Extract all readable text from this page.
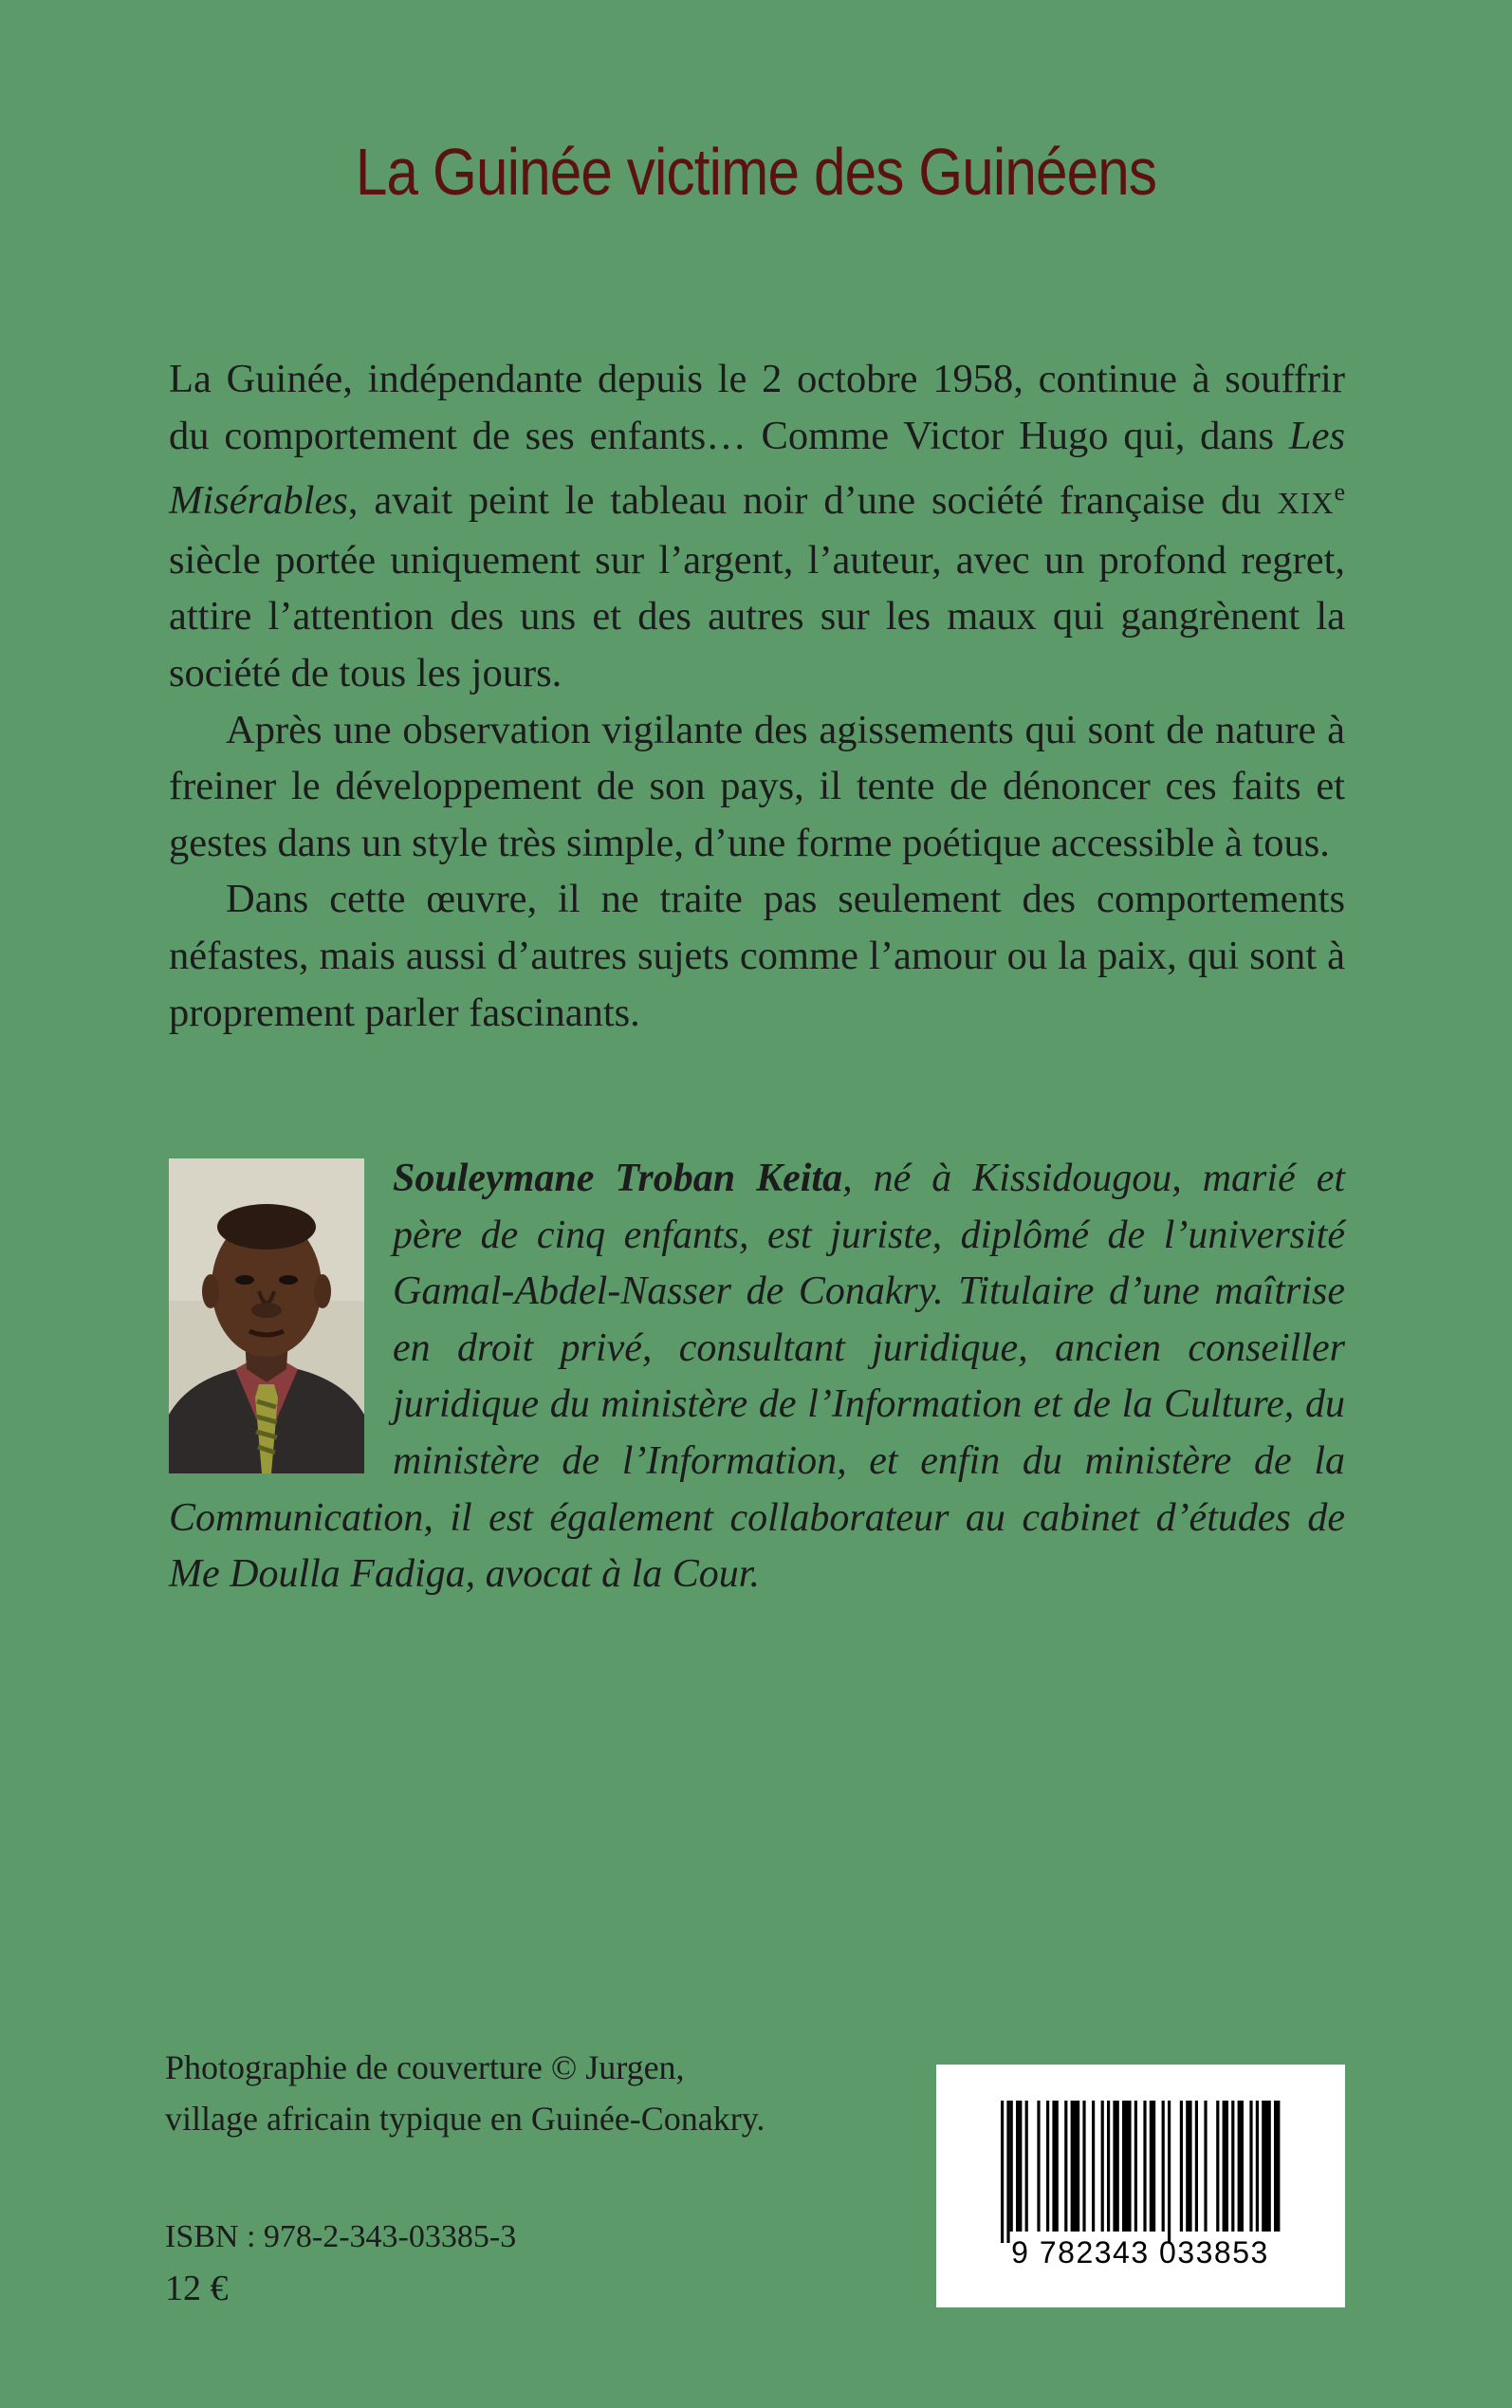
La Guinée victime des Guinéens

La Guinée, indépendante depuis le 2 octobre 1958, continue à souffrir du comportement de ses enfants… Comme Victor Hugo qui, dans Les Misérables, avait peint le tableau noir d’une société française du XIXe siècle portée uniquement sur l’argent, l’auteur, avec un profond regret, attire l’attention des uns et des autres sur les maux qui gangrènent la société de tous les jours.

Après une observation vigilante des agissements qui sont de nature à freiner le développement de son pays, il tente de dénoncer ces faits et gestes dans un style très simple, d’une forme poétique accessible à tous.

Dans cette œuvre, il ne traite pas seulement des comportements néfastes, mais aussi d’autres sujets comme l’amour ou la paix, qui sont à proprement parler fascinants.

Souleymane Troban Keita, né à Kissidougou, marié et père de cinq enfants, est juriste, diplômé de l’université Gamal-Abdel-Nasser de Conakry. Titulaire d’une maîtrise en droit privé, consultant juridique, ancien conseiller juridique du ministère de l’Information et de la Culture, du ministère de l’Information, et enfin du ministère de la Communication, il est également collaborateur au cabinet d’études de Me Doulla Fadiga, avocat à la Cour.
Photographie de couverture © Jurgen,
village africain typique en Guinée-Conakry.
ISBN : 978-2-343-03385-3
12 €
9 782343 033853
